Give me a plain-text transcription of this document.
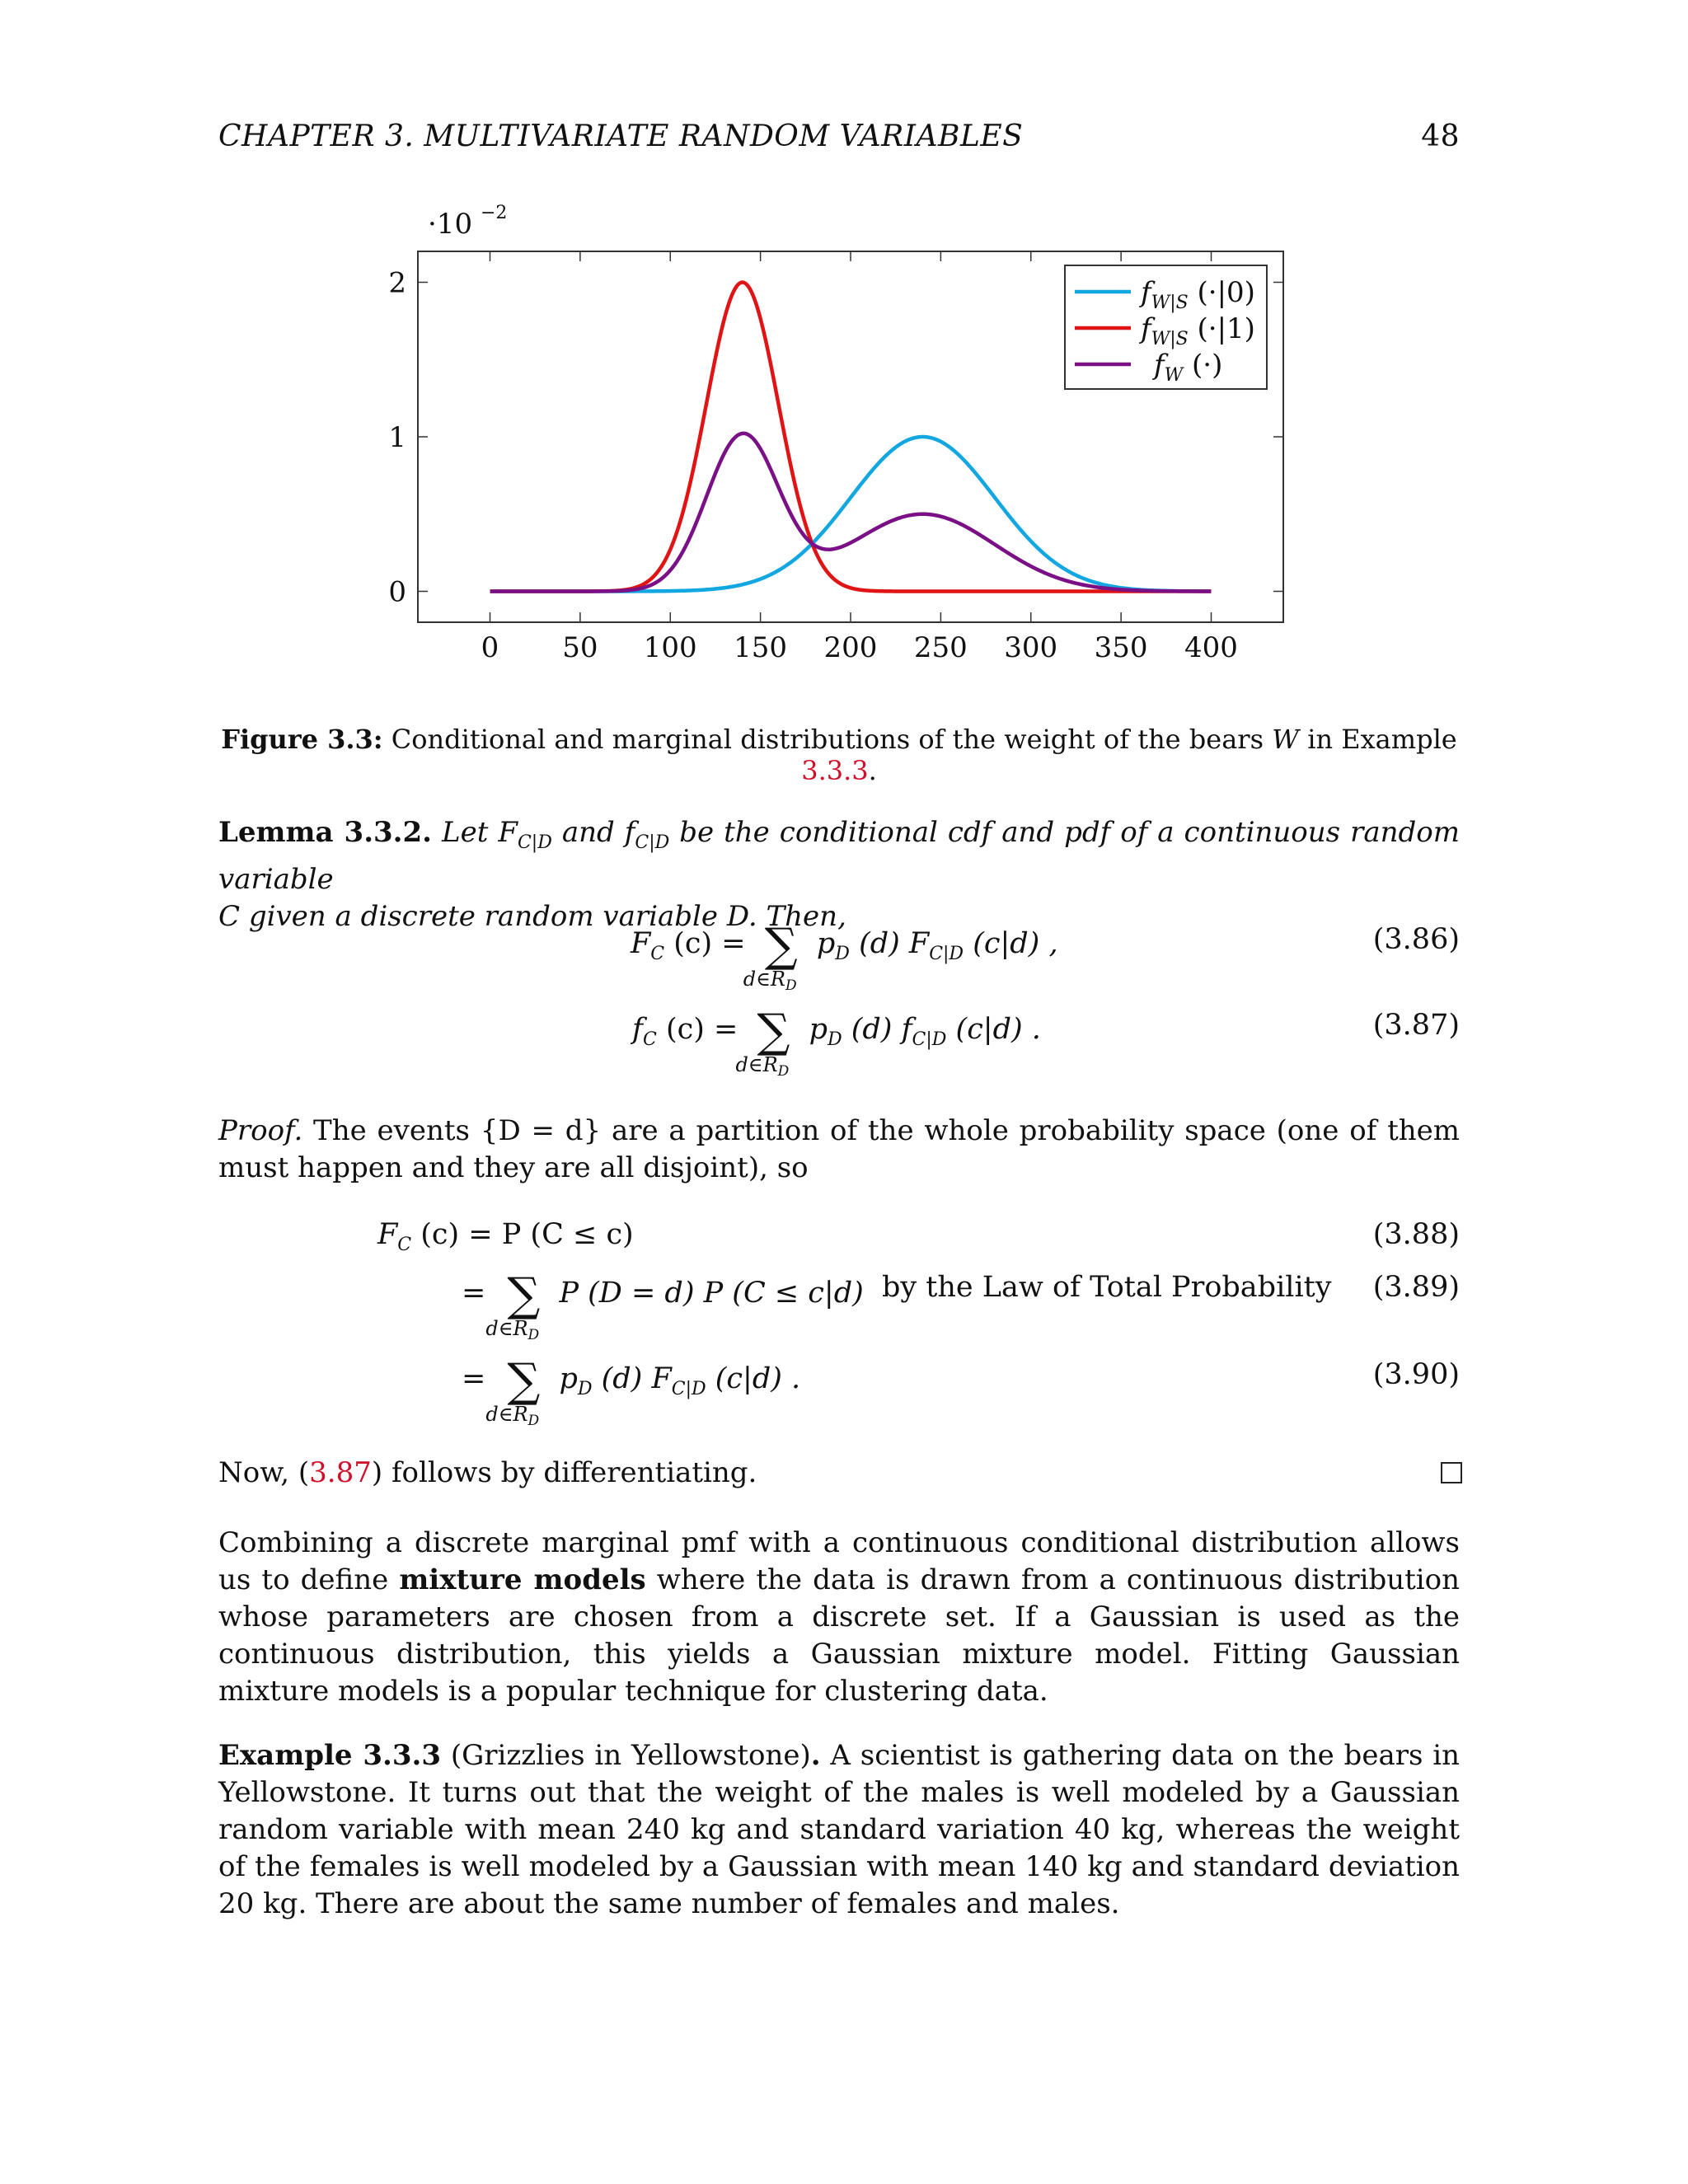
CHAPTER 3. MULTIVARIATE RANDOM VARIABLES	48
0
1
2
0 50 100 150 200 250 300 350 400
·10 −2
$f_{W|S}$ (·|0)
$f_{W|S}$ (·|1)
$f_W$ (·)
Figure 3.3: Conditional and marginal distributions of the weight of the bears W in Example 3.3.3.
Lemma 3.3.2. Let $F_{C|D}$ and $f_{C|D}$ be the conditional cdf and pdf of a continuous random variable
C given a discrete random variable D. Then,
$F_C$ (c) = ∑
$d\in R_D$
$p_D$ (d) $F_{C|D}$ (c|d) ,	(3.86)
$f_C$ (c) = ∑
$d\in R_D$
$p_D$ (d) $f_{C|D}$ (c|d) .	(3.87)
Proof. The events {D = d} are a partition of the whole probability space (one of them must happen and they are all disjoint), so
$F_C$ (c) = P (C ≤ c)	(3.88)
= ∑
$d\in R_D$
P (D = d) P (C ≤ c|d) by the Law of Total Probability (3.89)
= ∑
$d\in R_D$
$p_D$ (d) $F_{C|D}$ (c|d) .	(3.90)
Now, (3.87) follows by differentiating.
Combining a discrete marginal pmf with a continuous conditional distribution allows us to define mixture models where the data is drawn from a continuous distribution whose parameters are chosen from a discrete set. If a Gaussian is used as the continuous distribution, this yields a Gaussian mixture model. Fitting Gaussian mixture models is a popular technique for clustering data.
Example 3.3.3 (Grizzlies in Yellowstone). A scientist is gathering data on the bears in Yellowstone. It turns out that the weight of the males is well modeled by a Gaussian random variable with mean 240 kg and standard variation 40 kg, whereas the weight of the females is well modeled by a Gaussian with mean 140 kg and standard deviation 20 kg. There are about the same number of females and males.
